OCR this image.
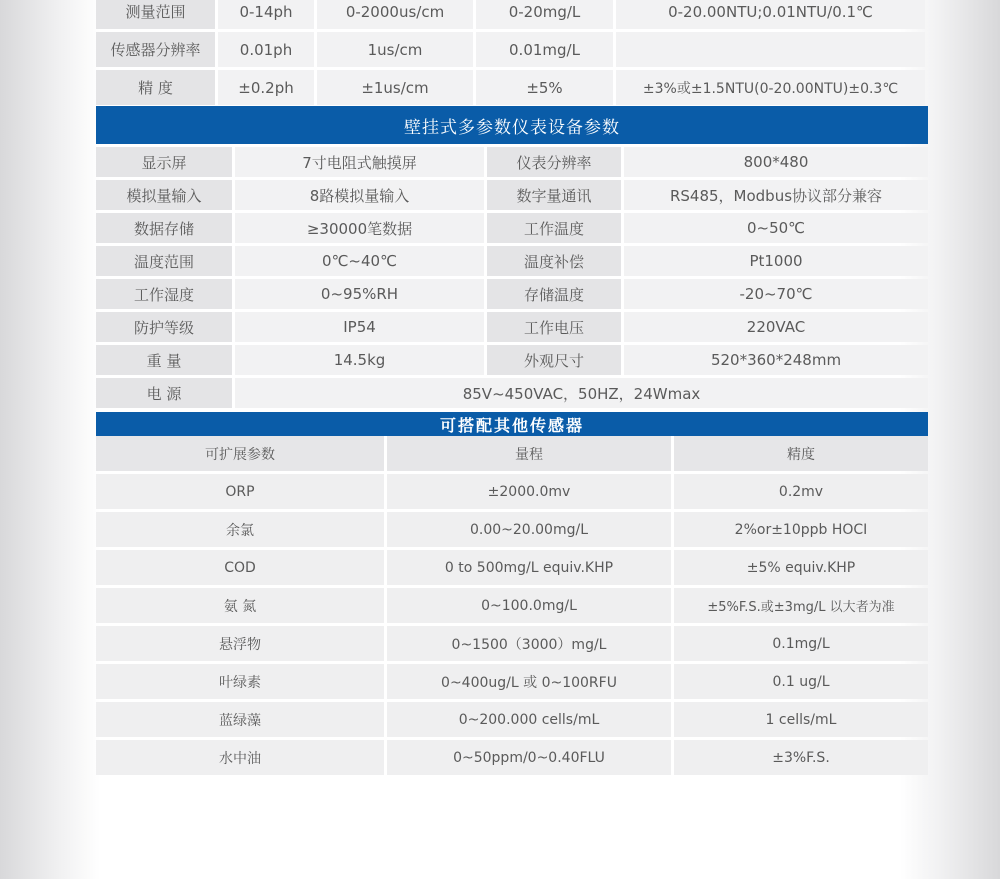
测量范围	0-14ph	0-2000us/cm	0-20mg/L	0-20.00NTU;0.01NTU/0.1℃
传感器分辨率	0.01ph	1us/cm	0.01mg/L
精 度	±0.2ph	±1us/cm	±5%	±3%或±1.5NTU(0-20.00NTU)±0.3℃
壁挂式多参数仪表设备参数
显示屏	7寸电阻式触摸屏	仪表分辨率	800*480
模拟量输入	8路模拟量输入	数字量通讯	RS485，Modbus协议部分兼容
数据存储	≥30000笔数据	工作温度	0~50℃
温度范围	0℃~40℃	温度补偿	Pt1000
工作湿度	0~95%RH	存储温度	-20~70℃
防护等级	IP54	工作电压	220VAC
重 量	14.5kg	外观尺寸	520*360*248mm
电 源	85V~450VAC，50HZ，24Wmax
可搭配其他传感器
可扩展参数	量程	精度
ORP	±2000.0mv	0.2mv
余氯	0.00~20.00mg/L	2%or±10ppb HOCI
COD	0 to 500mg/L equiv.KHP	±5% equiv.KHP
氨 氮	0~100.0mg/L	±5%F.S.或±3mg/L 以大者为准
悬浮物	0~1500（3000）mg/L	0.1mg/L
叶绿素	0~400ug/L 或 0~100RFU	0.1 ug/L
蓝绿藻	0~200.000 cells/mL	1 cells/mL
水中油	0~50ppm/0~0.40FLU	±3%F.S.
